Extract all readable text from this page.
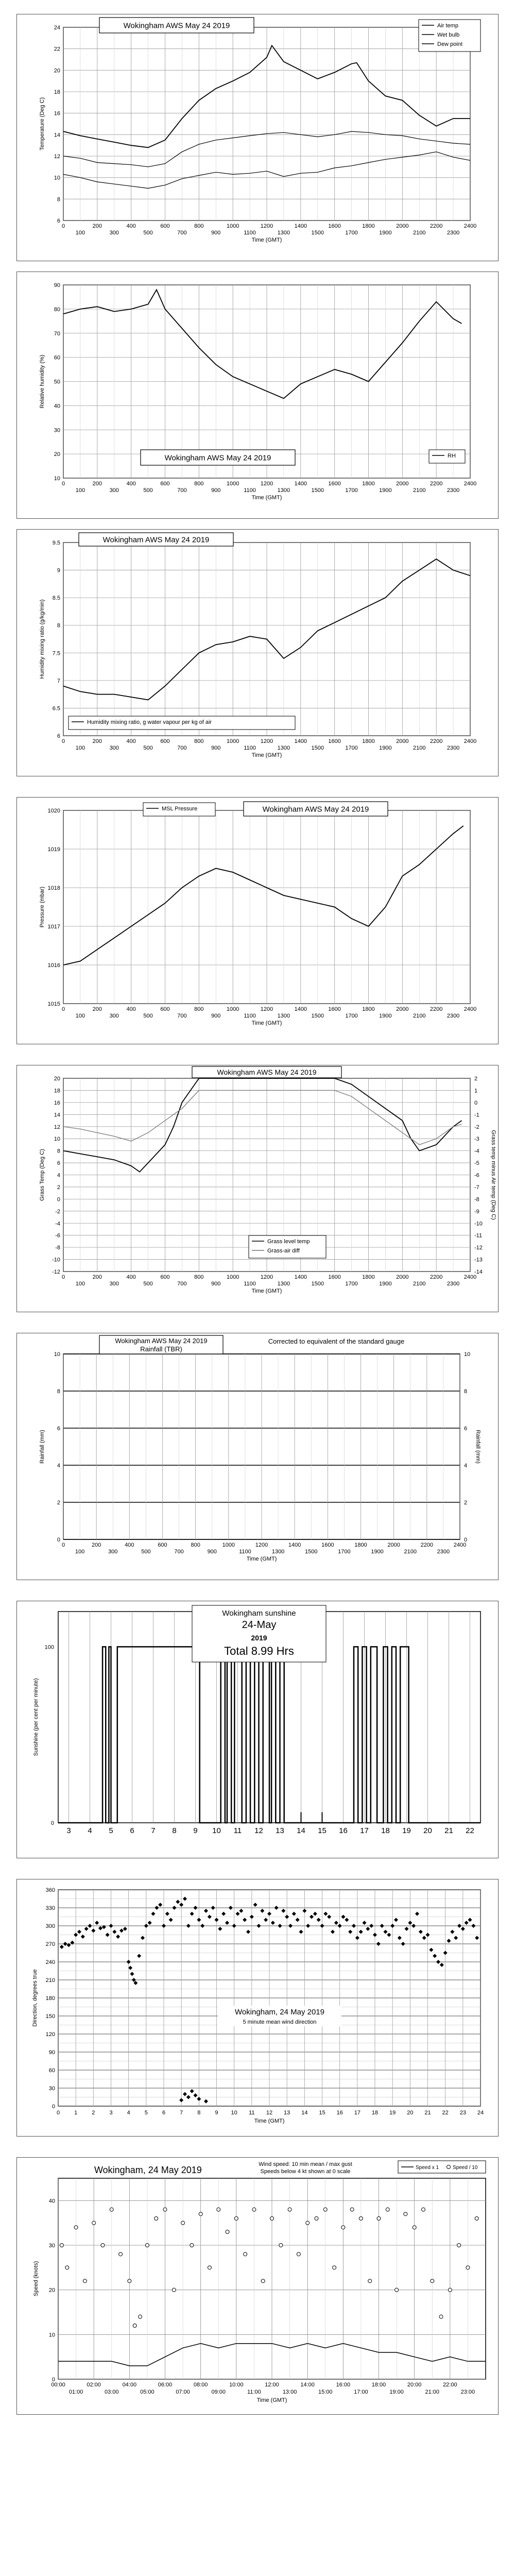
6
8
10
12
14
16
18
20
22
24
0	200	400	600	800	1000	1200	1400	1600	1800	2000	2200	2400
100	300	500	700	900	1100	1300	1500	1700	1900	2100	2300
Temperature (Deg C)
Time (GMT)
Wokingham AWS May 24 2019	Air temp
Wet bulb
Dew point
10
20
30
40
50
60
70
80
90
0	200	400	600	800	1000	1200	1400	1600	1800	2000	2200	2400
100	300	500	700	900	1100	1300	1500	1700	1900	2100	2300
Relative humidity (%)
Time (GMT)
Wokingham AWS May 24 2019	RH
6
6.5
7
7.5
8
8.5
9
9.5
0	200	400	600	800	1000	1200	1400	1600	1800	2000	2200	2400
100	300	500	700	900	1100	1300	1500	1700	1900	2100	2300
Humidity mixing ratio (g/kg/min)
Time (GMT)
Wokingham AWS May 24 2019
Humidity mixing ratio, g water vapour per kg of air
1015
1016
1017
1018
1019
1020
0	200	400	600	800	1000	1200	1400	1600	1800	2000	2200	2400
100	300	500	700	900	1100	1300	1500	1700	1900	2100	2300
Pressure (mbar)
Time (GMT)
MSL Pressure	Wokingham AWS May 24 2019
-12
-10
-8
-6
-4
-2
0
2
4
6
8
10
12
14
16
18
20
0	200	400	600	800	1000	1200	1400	1600	1800	2000	2200	2400
100	300	500	700	900	1100	1300	1500	1700	1900	2100	2300
Grass Temp (Deg C)
Time (GMT)
-14
-13
-12
-11
-10
-9
-8
-7
-6
-5
-4
-3
-2
-1
0
1
2
Grass temp minus Air temp (Deg C)
Wokingham AWS May 24 2019
Grass level temp
Grass-air diff
0
2
4
6
8
10
0	200	400	600	800	1000	1200	1400	1600	1800	2000	2200	2400
100	300	500	700	900	1100	1300	1500	1700	1900	2100	2300
Rainfall (mm)
Time (GMT)
0
2
4
6
8
10
Rainfall (mm)
Wokingham AWS May 24 2019
Rainfall (TBR)
Corrected to equivalent of the standard gauge
3 4 5 6 7 8 9 10 11 12 13 14 15 16 17 18 19 20 21 22
0
100
Sunshine (per cent per minute)
Wokingham sunshine
24-May
2019
Total 8.99 Hrs
0
30
60
90
120
150
180
210
240
270
300
330
360
0	1	2	3	4	5	6	7	8	9 10 11 12 13 14 15 16 17 18 19 20 21 22 23 24
Direction, degrees true
Time (GMT)
Wokingham, 24 May 2019
5 minute mean wind direction
0
10
20
30
40
00:00	02:00	04:00	06:00	08:00	10:00	12:00	14:00	16:00	18:00	20:00	22:00
01:00	03:00	05:00	07:00	09:00	11:00	13:00	15:00	17:00	19:00	21:00	23:00
Speed (knots)
Time (GMT)
Wokingham, 24 May 2019
Wind speed: 10 min mean / max gust
Speeds below 4 kt shown at 0 scale
Speed x 1	Speed / 10
